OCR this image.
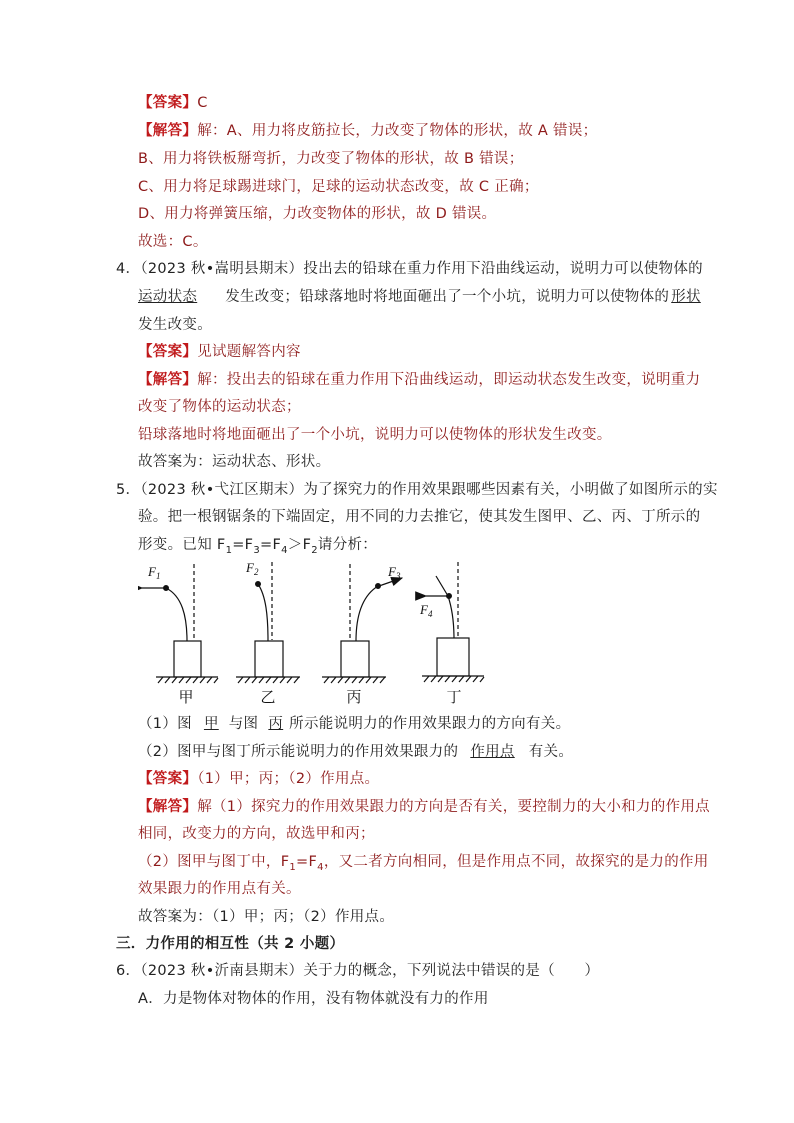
【答案】C
【解答】解：A、用力将皮筋拉长，力改变了物体的形状，故 A 错误；
B、用力将铁板掰弯折，力改变了物体的形状，故 B 错误；
C、用力将足球踢进球门，足球的运动状态改变，故 C 正确；
D、用力将弹簧压缩，力改变物体的形状，故 D 错误。
故选：C。
4．（2023 秋•嵩明县期末）投出去的铅球在重力作用下沿曲线运动，说明力可以使物体的
运动状态 发生改变；铅球落地时将地面砸出了一个小坑，说明力可以使物体的 形状
发生改变。
【答案】见试题解答内容
【解答】解：投出去的铅球在重力作用下沿曲线运动，即运动状态发生改变，说明重力
改变了物体的运动状态；
铅球落地时将地面砸出了一个小坑，说明力可以使物体的形状发生改变。
故答案为：运动状态、形状。
5．（2023 秋•弋江区期末）为了探究力的作用效果跟哪些因素有关，小明做了如图所示的实
验。把一根钢锯条的下端固定，用不同的力去推它，使其发生图甲、乙、丙、丁所示的
形变。已知 $F_1=F_3=F_4>F_2$请分析：
$F_1$
$F_2$	$F_3$
$F_4$
甲	乙	丙	丁
（1）图 甲 与图 丙 所示能说明力的作用效果跟力的方向有关。
（2）图甲与图丁所示能说明力的作用效果跟力的 作用点 有关。
【答案】（1）甲；丙；（2）作用点。
【解答】解（1）探究力的作用效果跟力的方向是否有关，要控制力的大小和力的作用点
相同，改变力的方向，故选甲和丙；
（2）图甲与图丁中，$F_1=F_4$，又二者方向相同，但是作用点不同，故探究的是力的作用
效果跟力的作用点有关。
故答案为：（1）甲；丙；（2）作用点。
三．力作用的相互性（共 2 小题）
6．（2023 秋•沂南县期末）关于力的概念，下列说法中错误的是（　　）
A．力是物体对物体的作用，没有物体就没有力的作用
